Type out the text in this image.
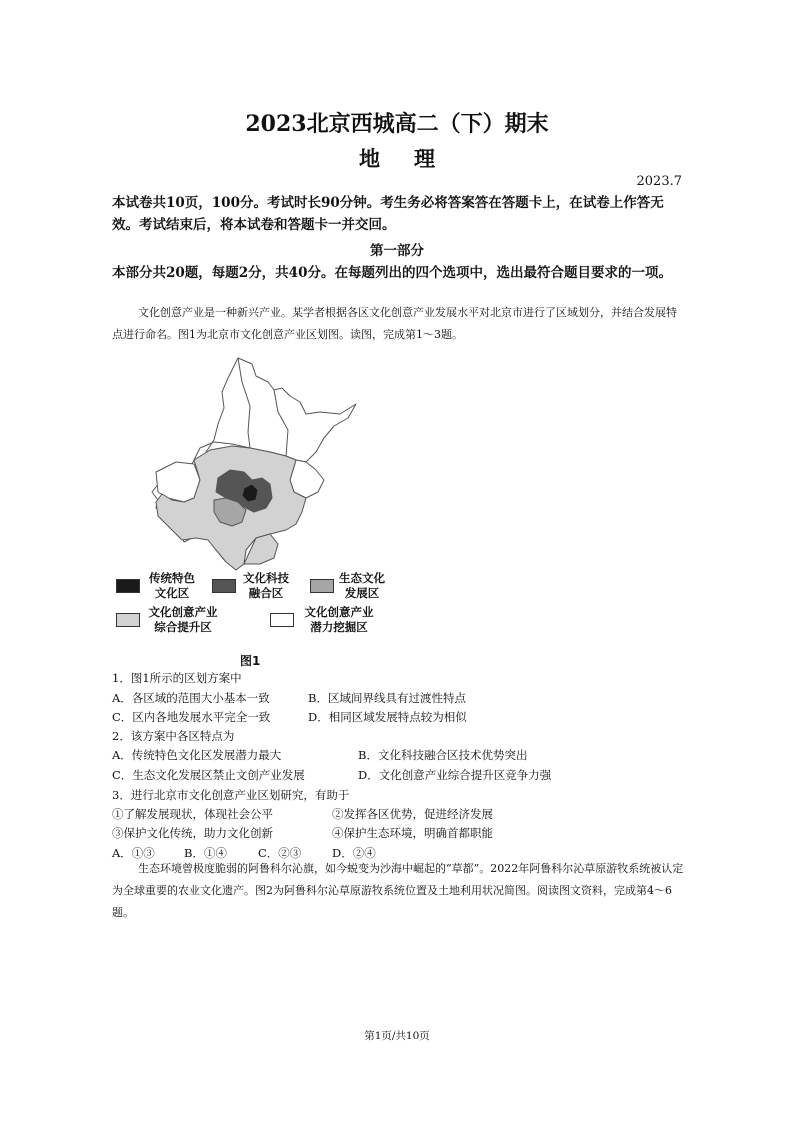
2023北京西城高二（下）期末
地理
2023.7
本试卷共10页，100分。考试时长90分钟。考生务必将答案答在答题卡上，在试卷上作答无效。考试结束后，将本试卷和答题卡一并交回。
第一部分
本部分共20题，每题2分，共40分。在每题列出的四个选项中，选出最符合题目要求的一项。
文化创意产业是一种新兴产业。某学者根据各区文化创意产业发展水平对北京市进行了区域划分，并结合发展特点进行命名。图1为北京市文化创意产业区划图。读图，完成第1～3题。
传统特色
文化区
文化科技
融合区
生态文化
发展区
文化创意产业
综合提升区
文化创意产业
潜力挖掘区
图1
1．图1所示的区划方案中
A．各区域的范围大小基本一致	B．区域间界线具有过渡性特点
C．区内各地发展水平完全一致	D．相同区域发展特点较为相似
2．该方案中各区特点为
A．传统特色文化区发展潜力最大	B．文化科技融合区技术优势突出
C．生态文化发展区禁止文创产业发展	D．文化创意产业综合提升区竞争力强
3．进行北京市文化创意产业区划研究，有助于
①了解发展现状，体现社会公平	②发挥各区优势，促进经济发展
③保护文化传统，助力文化创新	④保护生态环境，明确首都职能
A．①③	B．①④	C．②③	D．②④
生态环境曾极度脆弱的阿鲁科尔沁旗，如今蜕变为沙海中崛起的“草都”。2022年阿鲁科尔沁草原游牧系统被认定为全球重要的农业文化遗产。图2为阿鲁科尔沁草原游牧系统位置及土地利用状况简图。阅读图文资料，完成第4～6题。
第1页/共10页
